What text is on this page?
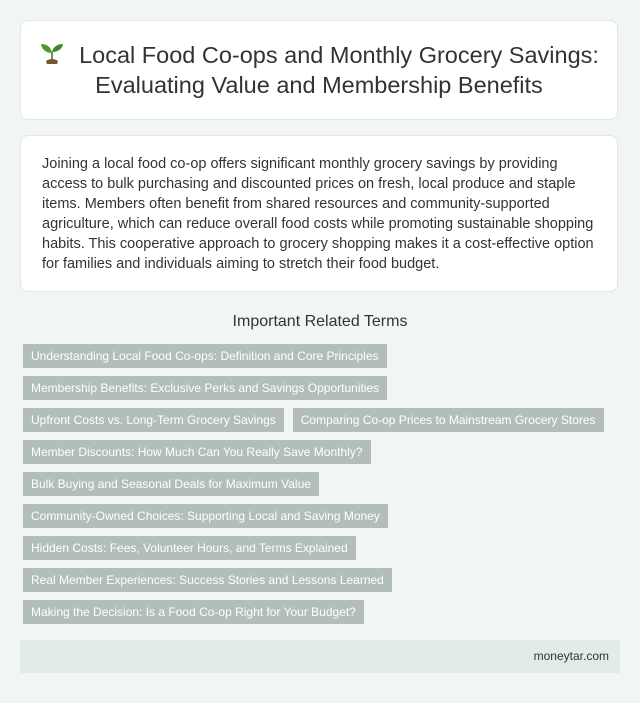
Local Food Co-ops and Monthly Grocery Savings: Evaluating Value and Membership Benefits

Joining a local food co-op offers significant monthly grocery savings by providing access to bulk purchasing and discounted prices on fresh, local produce and staple items. Members often benefit from shared resources and community-supported agriculture, which can reduce overall food costs while promoting sustainable shopping habits. This cooperative approach to grocery shopping makes it a cost-effective option for families and individuals aiming to stretch their food budget.

Important Related Terms
Understanding Local Food Co-ops: Definition and Core Principles
Membership Benefits: Exclusive Perks and Savings Opportunities
Upfront Costs vs. Long-Term Grocery Savings	Comparing Co-op Prices to Mainstream Grocery Stores
Member Discounts: How Much Can You Really Save Monthly?
Bulk Buying and Seasonal Deals for Maximum Value
Community-Owned Choices: Supporting Local and Saving Money
Hidden Costs: Fees, Volunteer Hours, and Terms Explained
Real Member Experiences: Success Stories and Lessons Learned
Making the Decision: Is a Food Co-op Right for Your Budget?
moneytar.com
